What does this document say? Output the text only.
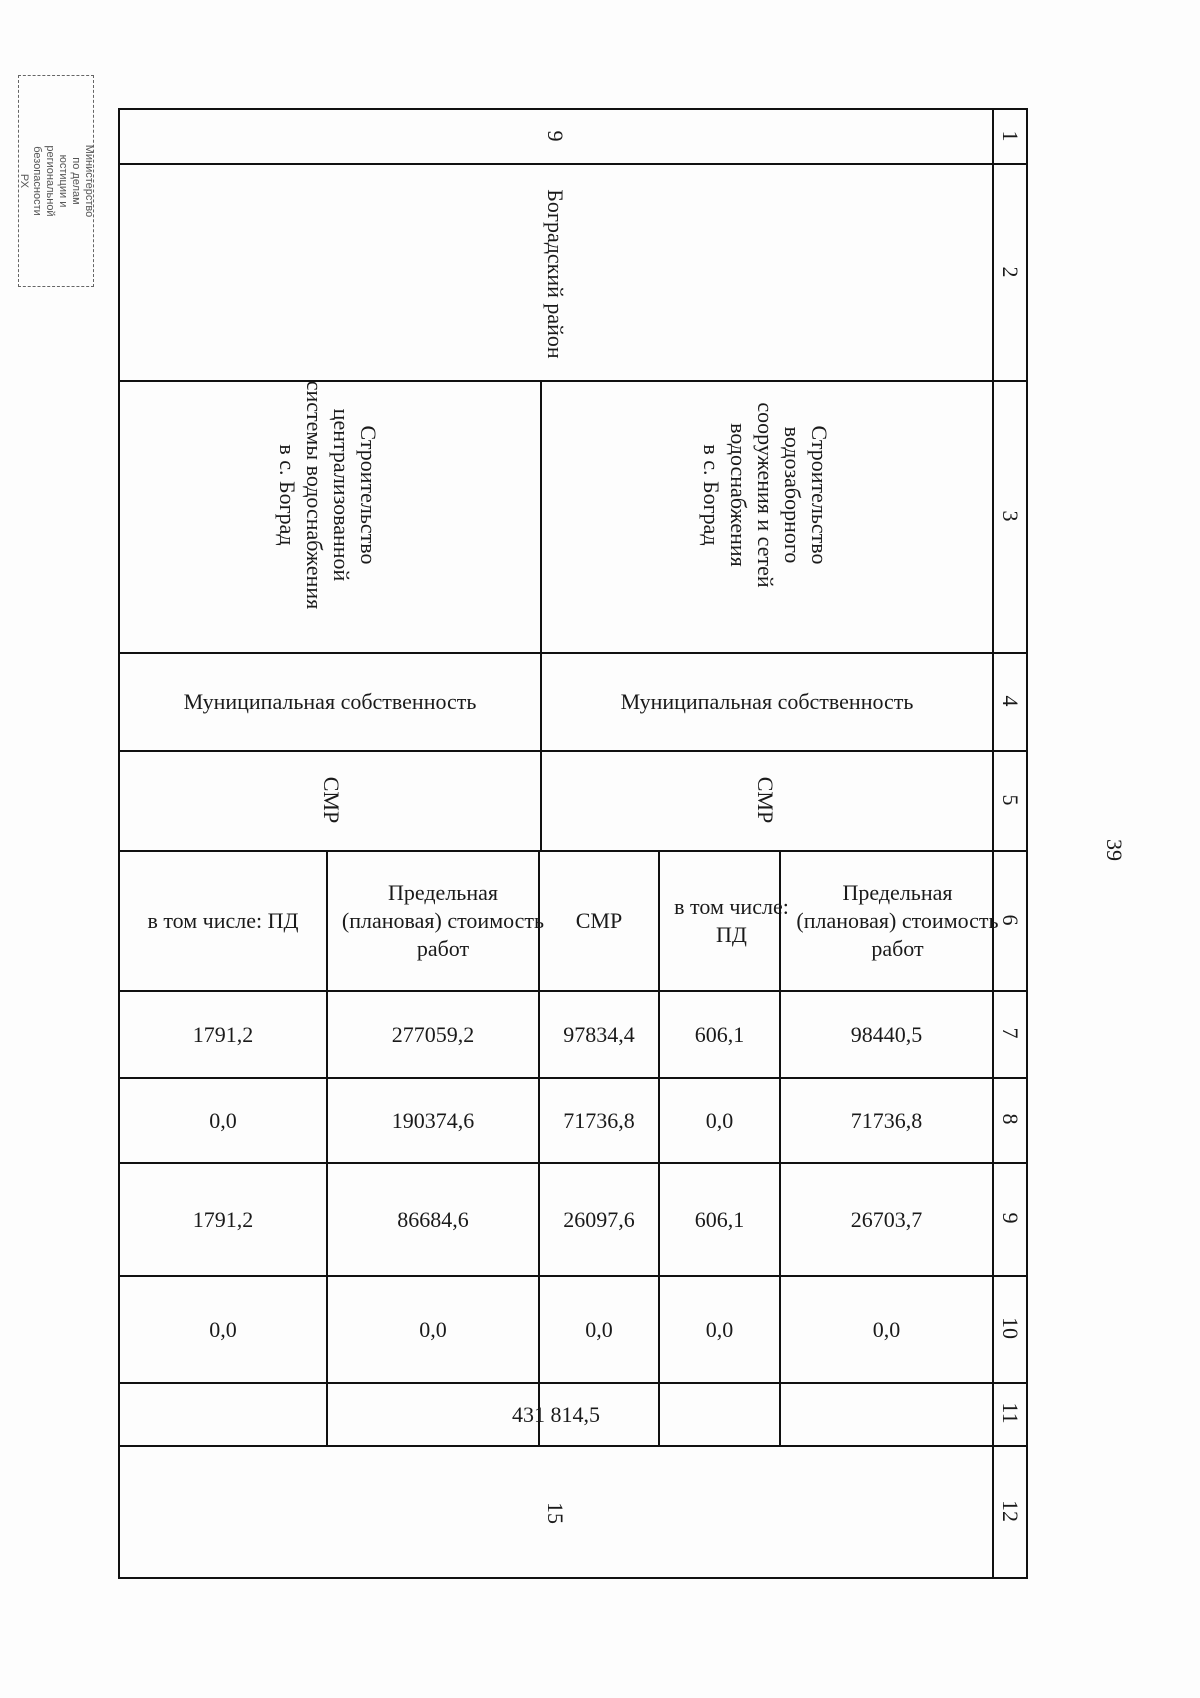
39
Министерство по делам
юстиции и региональной
безопасности
РХ
1
2
3
4
5
6
7
8
9
10
11
12
9
Боградский район
Строительство
водозаборного
сооружения и сетей
водоснабжения
в с. Боград
Строительство
централизованной
системы водоснабжения
в с. Боград
Муниципальная собственность
Муниципальная собственность
СМР
СМР
Предельная (плановая) стоимость работ
в том числе: ПД
СМР
Предельная (плановая) стоимость работ
в том числе: ПД
98440,5
606,1
97834,4
277059,2
1791,2
71736,8
0,0
71736,8
190374,6
0,0
26703,7
606,1
26097,6
86684,6
1791,2
0,0
0,0
0,0
0,0
0,0
431 814,5
15
